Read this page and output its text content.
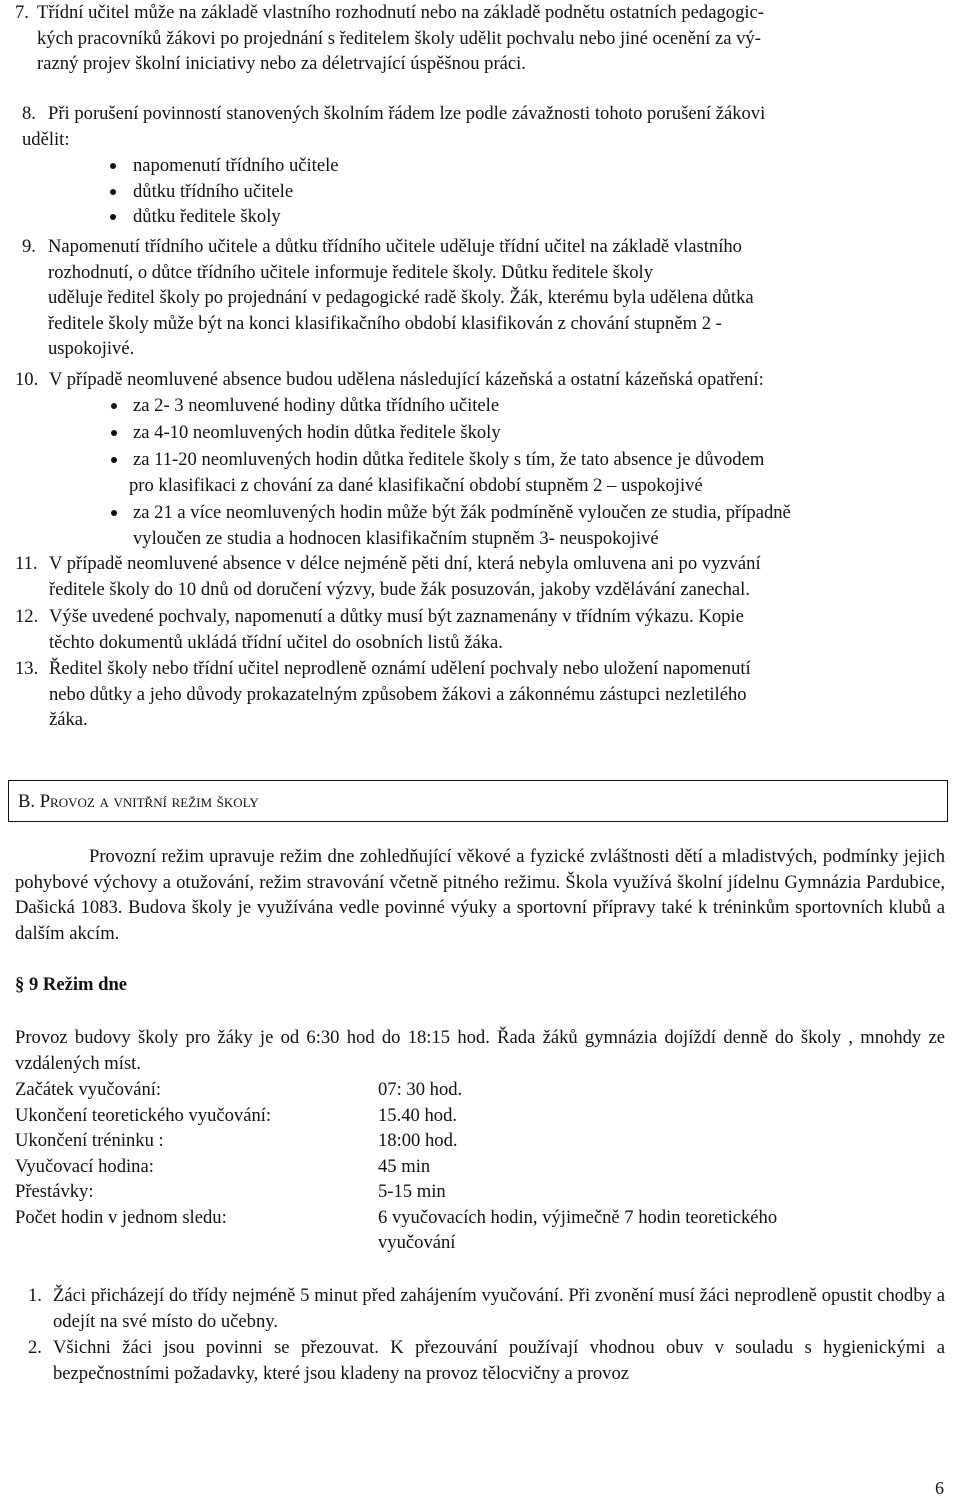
7. Třídní učitel může na základě vlastního rozhodnutí nebo na základě podnětu ostatních pedagogic-
kých pracovníků žákovi po projednání s ředitelem školy udělit pochvalu nebo jiné ocenění za vý-
razný projev školní iniciativy nebo za déletrvající úspěšnou práci.
8. Při porušení povinností stanovených školním řádem lze podle závažnosti tohoto porušení žákovi
udělit:
napomenutí třídního učitele
důtku třídního učitele
důtku ředitele školy
9. Napomenutí třídního učitele a důtku třídního učitele uděluje třídní učitel na základě vlastního
rozhodnutí, o důtce třídního učitele informuje ředitele školy. Důtku ředitele školy
uděluje ředitel školy po projednání v pedagogické radě školy. Žák, kterému byla udělena důtka
ředitele školy může být na konci klasifikačního období klasifikován z chování stupněm 2 -
uspokojivé.
10. V případě neomluvené absence budou udělena následující kázeňská a ostatní kázeňská opatření:
za 2- 3 neomluvené hodiny důtka třídního učitele
za 4-10 neomluvených hodin důtka ředitele školy
za 11-20 neomluvených hodin důtka ředitele školy s tím, že tato absence je důvodem
pro klasifikaci z chování za dané klasifikační období stupněm 2 – uspokojivé
za 21 a více neomluvených hodin může být žák podmíněně vyloučen ze studia, případně
vyloučen ze studia a hodnocen klasifikačním stupněm 3- neuspokojivé
11. V případě neomluvené absence v délce nejméně pěti dní, která nebyla omluvena ani po vyzvání
ředitele školy do 10 dnů od doručení výzvy, bude žák posuzován, jakoby vzdělávání zanechal.
12. Výše uvedené pochvaly, napomenutí a důtky musí být zaznamenány v třídním výkazu. Kopie
těchto dokumentů ukládá třídní učitel do osobních listů žáka.
13. Ředitel školy nebo třídní učitel neprodleně oznámí udělení pochvaly nebo uložení napomenutí
nebo důtky a jeho důvody prokazatelným způsobem žákovi a zákonnému zástupci nezletilého
žáka.
B. Provoz a vnitřní režim školy
Provozní režim upravuje režim dne zohledňující věkové a fyzické zvláštnosti dětí a mladistvých, podmínky jejich pohybové výchovy a otužování, režim stravování včetně pitného režimu. Škola využívá školní jídelnu Gymnázia Pardubice, Dašická 1083. Budova školy je využívána vedle povinné výuky a sportovní přípravy také k tréninkům sportovních klubů a dalším akcím.
§ 9 Režim dne
Provoz budovy školy pro žáky je od 6:30 hod do 18:15 hod. Řada žáků gymnázia dojíždí denně do školy , mnohdy ze vzdálených míst.
Začátek vyučování:	07: 30 hod.
Ukončení teoretického vyučování:	15.40 hod.
Ukončení tréninku :	18:00 hod.
Vyučovací hodina:	45 min
Přestávky:	5-15 min
Počet hodin v jednom sledu:	6 vyučovacích hodin, výjimečně 7 hodin teoretického
vyučování
1. Žáci přicházejí do třídy nejméně 5 minut před zahájením vyučování. Při zvonění musí žáci neprodleně opustit chodby a odejít na své místo do učebny.
2. Všichni žáci jsou povinni se přezouvat. K přezouvání používají vhodnou obuv v souladu s hygienickými a bezpečnostními požadavky, které jsou kladeny na provoz tělocvičny a provoz
6
